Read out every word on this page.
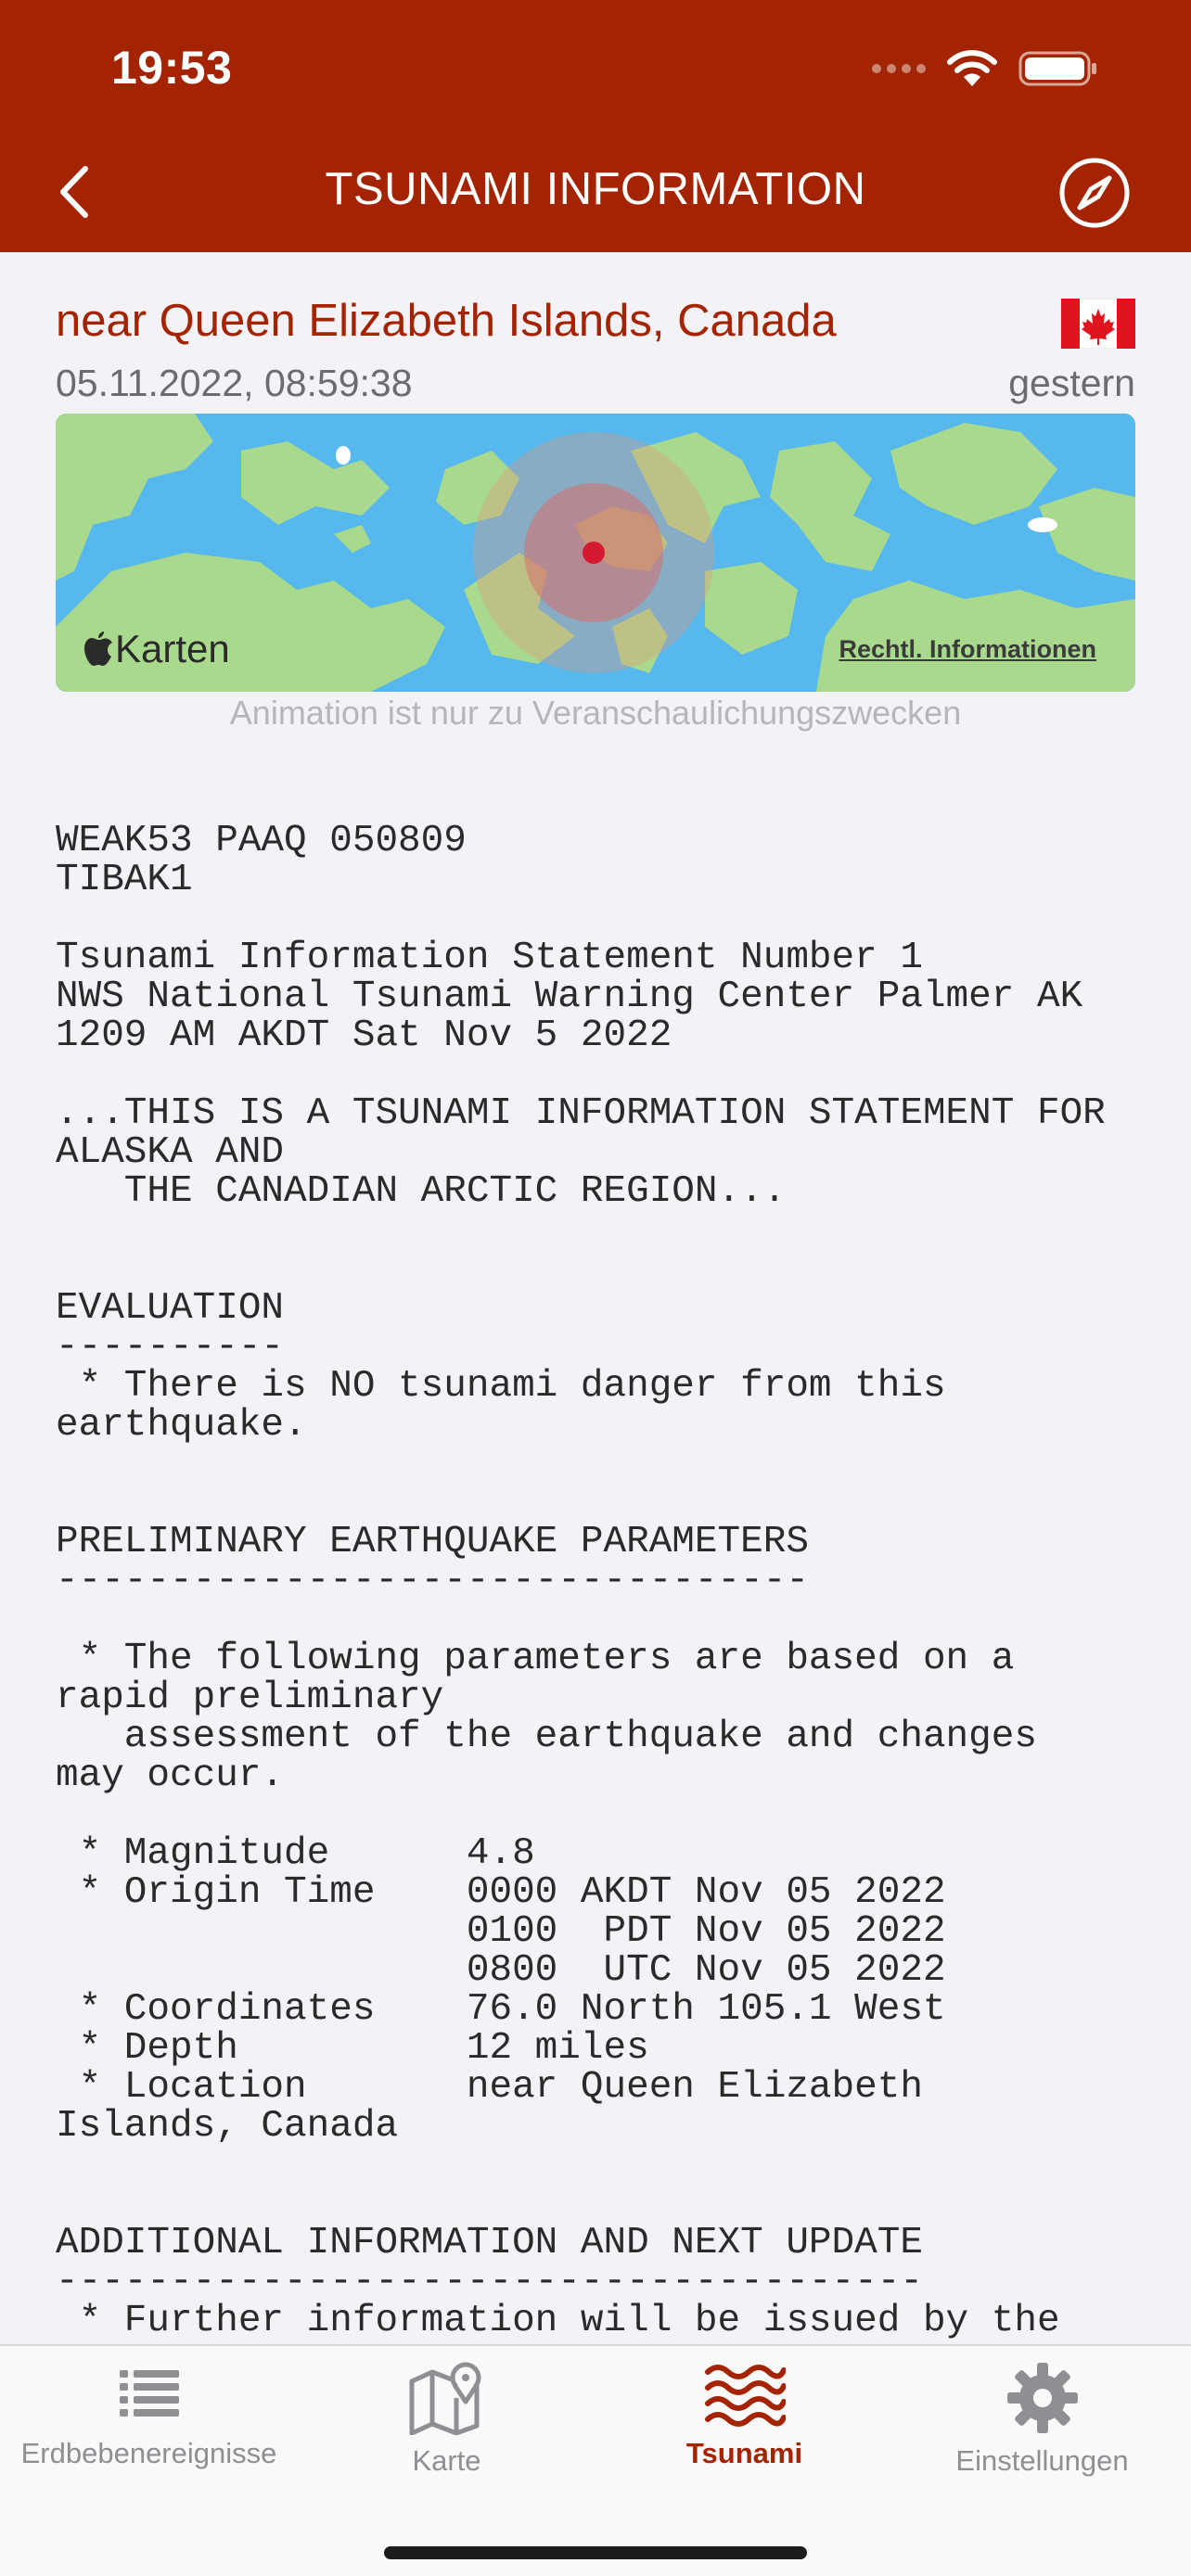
19:53
TSUNAMI INFORMATION
near Queen Elizabeth Islands, Canada
05.11.2022, 08:59:38	gestern
Karten	Rechtl. Informationen
Animation ist nur zu Veranschaulichungszwecken
WEAK53 PAAQ 050809
TIBAK1

Tsunami Information Statement Number 1
NWS National Tsunami Warning Center Palmer AK
1209 AM AKDT Sat Nov 5 2022

...THIS IS A TSUNAMI INFORMATION STATEMENT FOR
ALASKA AND
THE CANADIAN ARCTIC REGION...

EVALUATION
----------
* There is NO tsunami danger from this
earthquake.

PRELIMINARY EARTHQUAKE PARAMETERS
---------------------------------

* The following parameters are based on a
rapid preliminary
assessment of the earthquake and changes
may occur.

* Magnitude      4.8
* Origin Time    0000 AKDT Nov 05 2022
0100  PDT Nov 05 2022
0800  UTC Nov 05 2022
* Coordinates    76.0 North 105.1 West
* Depth          12 miles
* Location       near Queen Elizabeth
Islands, Canada

ADDITIONAL INFORMATION AND NEXT UPDATE
--------------------------------------
* Further information will be issued by the
Erdbebenereignisse	Karte	Tsunami	Einstellungen
